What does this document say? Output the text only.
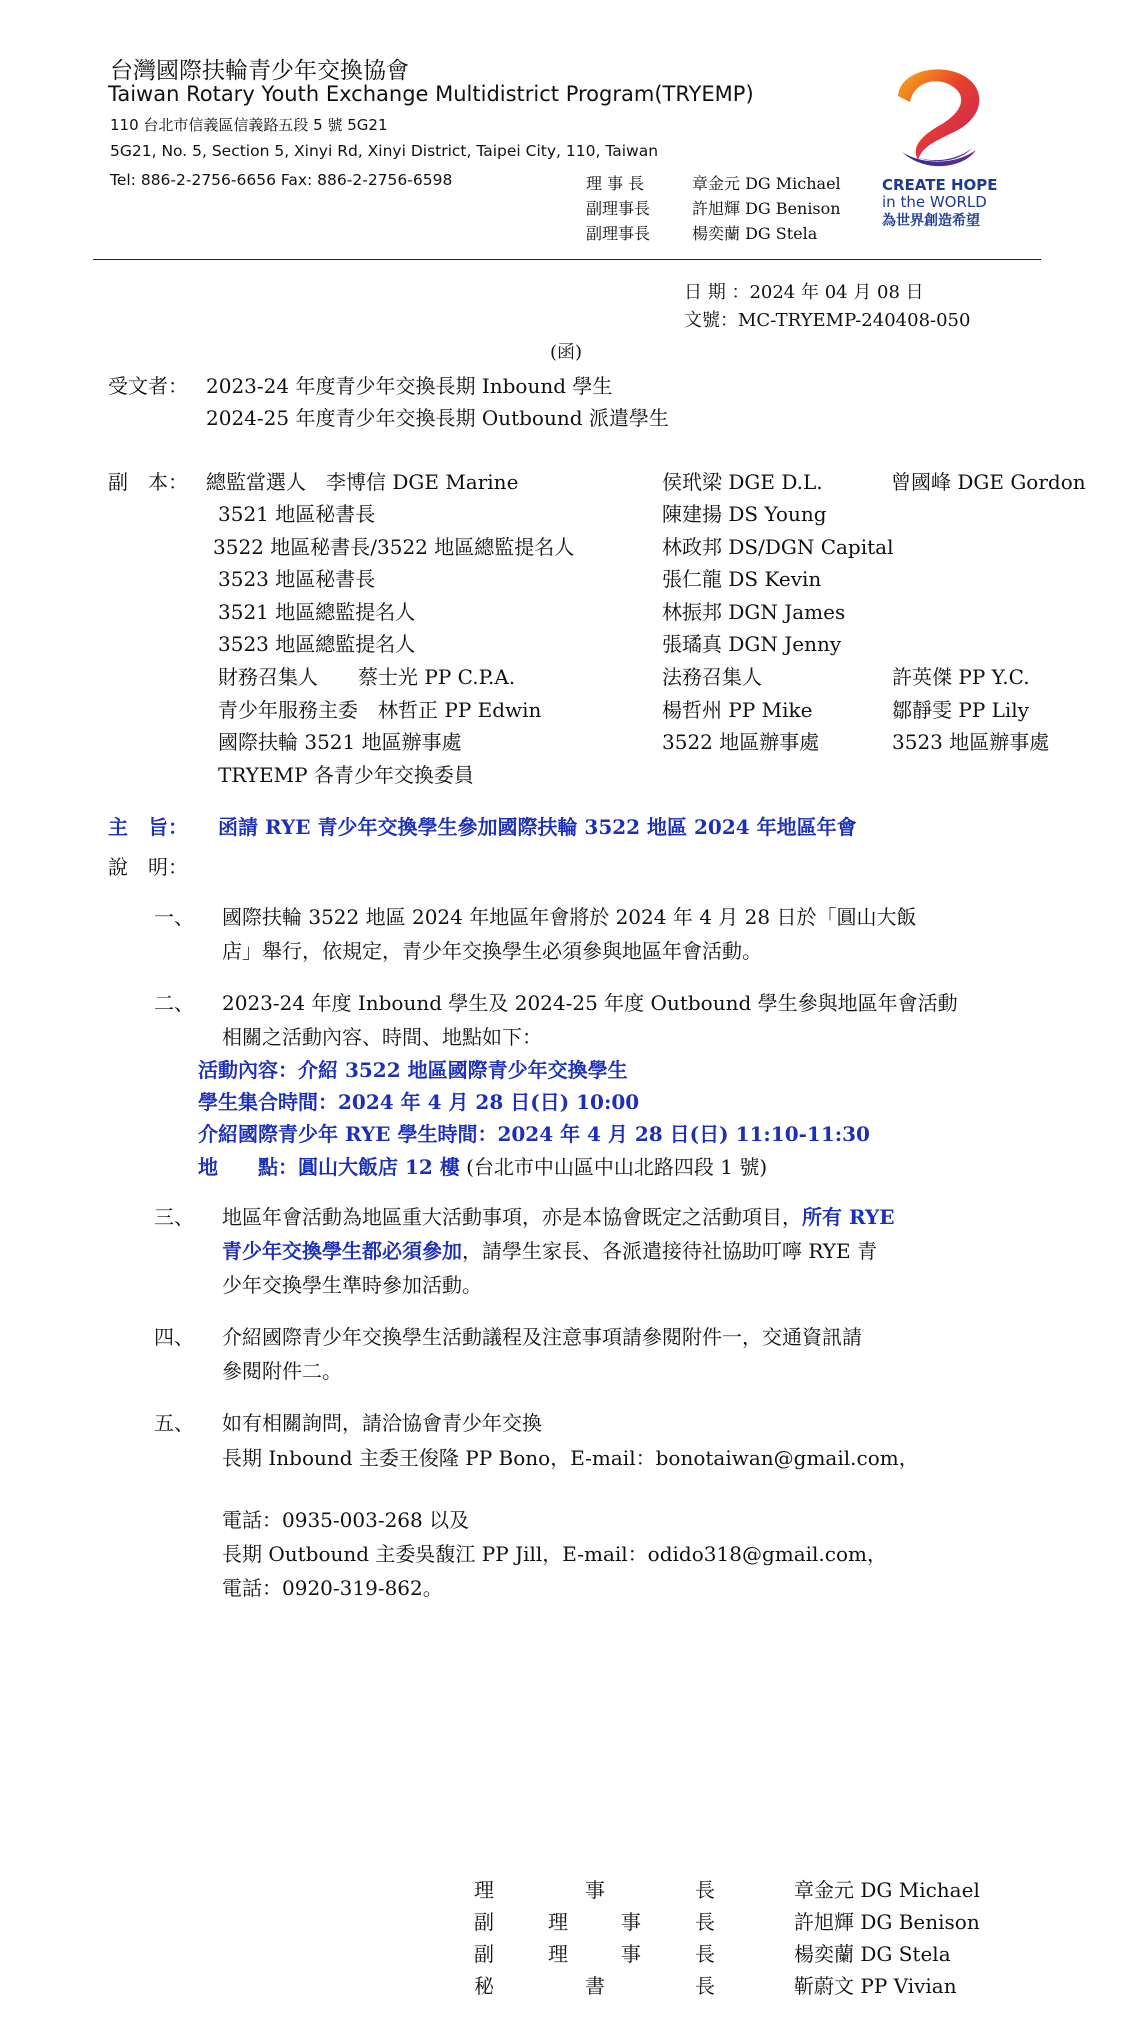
台灣國際扶輪青少年交換協會
Taiwan Rotary Youth Exchange Multidistrict Program(TRYEMP)
110 台北市信義區信義路五段 5 號 5G21
5G21, No. 5, Section 5, Xinyi Rd, Xinyi District, Taipei City, 110, Taiwan
Tel: 886-2-2756-6656 Fax: 886-2-2756-6598	理 事 長	章金元 DG Michael
副理事長	許旭輝 DG Benison
副理事長	楊奕蘭 DG Stela
CREATE HOPE
in the WORLD
為世界創造希望
日 期 ：2024 年 04 月 08 日
文號：MC-TRYEMP-240408-050
(函)
受文者： 2023-24 年度青少年交換長期 Inbound 學生
2024-25 年度青少年交換長期 Outbound 派遣學生
副　本： 總監當選人　李博信 DGE Marine	侯玳梁 DGE D.L.	曾國峰 DGE Gordon
3521 地區秘書長	陳建揚 DS Young
3522 地區秘書長/3522 地區總監提名人	林政邦 DS/DGN Capital
3523 地區秘書長	張仁龍 DS Kevin
3521 地區總監提名人	林振邦 DGN James
3523 地區總監提名人	張璚真 DGN Jenny
財務召集人　　蔡士光 PP C.P.A.	法務召集人	許英傑 PP Y.C.
青少年服務主委　林哲正 PP Edwin	楊哲州 PP Mike	鄒靜雯 PP Lily
國際扶輪 3521 地區辦事處	3522 地區辦事處	3523 地區辦事處
TRYEMP 各青少年交換委員
主　旨： 函請 RYE 青少年交換學生參加國際扶輪 3522 地區 2024 年地區年會
說　明：
一、 國際扶輪 3522 地區 2024 年地區年會將於 2024 年 4 月 28 日於「圓山大飯
店」舉行，依規定，青少年交換學生必須參與地區年會活動。
二、 2023-24 年度 Inbound 學生及 2024-25 年度 Outbound 學生參與地區年會活動
相關之活動內容、時間、地點如下：
活動內容：介紹 3522 地區國際青少年交換學生
學生集合時間：2024 年 4 月 28 日(日) 10:00
介紹國際青少年 RYE 學生時間：2024 年 4 月 28 日(日) 11:10-11:30
地　　點：圓山大飯店 12 樓 (台北市中山區中山北路四段 1 號)
三、 地區年會活動為地區重大活動事項，亦是本協會既定之活動項目，所有 RYE
青少年交換學生都必須參加，請學生家長、各派遣接待社協助叮嚀 RYE 青
少年交換學生準時參加活動。
四、 介紹國際青少年交換學生活動議程及注意事項請參閱附件一，交通資訊請
參閱附件二。
五、 如有相關詢問，請洽協會青少年交換
長期 Inbound 主委王俊隆 PP Bono，E-mail：bonotaiwan@gmail.com，
電話：0935-003-268 以及
長期 Outbound 主委吳馥江 PP Jill，E-mail：odido318@gmail.com，
電話：0920-319-862。
理	事	長	章金元 DG Michael
副	理	事	長	許旭輝 DG Benison
副	理	事	長	楊奕蘭 DG Stela
秘	書	長	靳蔚文 PP Vivian
